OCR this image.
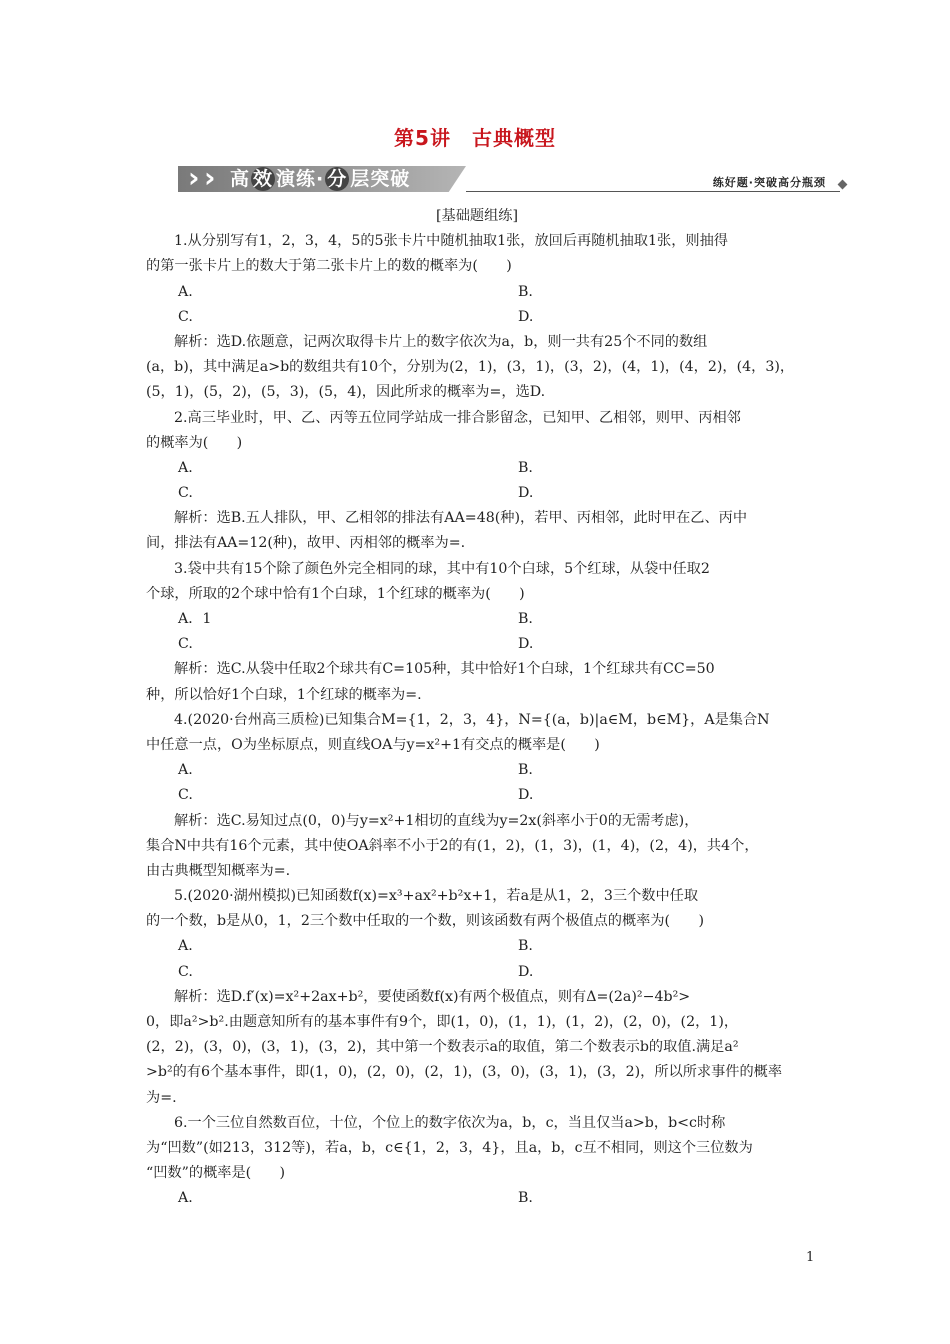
第5讲　古典概型
› › 高 效 演练· 分 层突破	练好题·突破高分瓶颈
[基础题组练]
1.从分别写有1，2，3，4，5的5张卡片中随机抽取1张，放回后再随机抽取1张，则抽得
的第一张卡片上的数大于第二张卡片上的数的概率为(　　)
A.	B.
C.	D.
解析：选D.依题意，记两次取得卡片上的数字依次为a，b，则一共有25个不同的数组
(a，b)，其中满足a>b的数组共有10个，分别为(2，1)，(3，1)，(3，2)，(4，1)，(4，2)，(4，3)，
(5，1)，(5，2)，(5，3)，(5，4)，因此所求的概率为=，选D.
2.高三毕业时，甲、乙、丙等五位同学站成一排合影留念，已知甲、乙相邻，则甲、丙相邻
的概率为(　　)
A.	B.
C.	D.
解析：选B.五人排队，甲、乙相邻的排法有AA=48(种)，若甲、丙相邻，此时甲在乙、丙中
间，排法有AA=12(种)，故甲、丙相邻的概率为=.
3.袋中共有15个除了颜色外完全相同的球，其中有10个白球，5个红球，从袋中任取2
个球，所取的2个球中恰有1个白球，1个红球的概率为(　　)
A．1	B.
C.	D.
解析：选C.从袋中任取2个球共有C=105种，其中恰好1个白球，1个红球共有CC=50
种，所以恰好1个白球，1个红球的概率为=.
4.(2020·台州高三质检)已知集合M={1，2，3，4}，N={(a，b)|a∈M，b∈M}，A是集合N
中任意一点，O为坐标原点，则直线OA与y=x²+1有交点的概率是(　　)
A.	B.
C.	D.
解析：选C.易知过点(0，0)与y=x²+1相切的直线为y=2x(斜率小于0的无需考虑)，
集合N中共有16个元素，其中使OA斜率不小于2的有(1，2)，(1，3)，(1，4)，(2，4)，共4个，
由古典概型知概率为=.
5.(2020·湖州模拟)已知函数f(x)=x³+ax²+b²x+1，若a是从1，2，3三个数中任取
的一个数，b是从0，1，2三个数中任取的一个数，则该函数有两个极值点的概率为(　　)
A.	B.
C.	D.
解析：选D.f′(x)=x²+2ax+b²，要使函数f(x)有两个极值点，则有Δ=(2a)²−4b²>
0，即a²>b².由题意知所有的基本事件有9个，即(1，0)，(1，1)，(1，2)，(2，0)，(2，1)，
(2，2)，(3，0)，(3，1)，(3，2)，其中第一个数表示a的取值，第二个数表示b的取值.满足a²
>b²的有6个基本事件，即(1，0)，(2，0)，(2，1)，(3，0)，(3，1)，(3，2)，所以所求事件的概率
为=.
6.一个三位自然数百位，十位，个位上的数字依次为a，b，c，当且仅当a>b，b<c时称
为“凹数”(如213，312等)，若a，b，c∈{1，2，3，4}，且a，b，c互不相同，则这个三位数为
“凹数”的概率是(　　)
A.	B.
1
